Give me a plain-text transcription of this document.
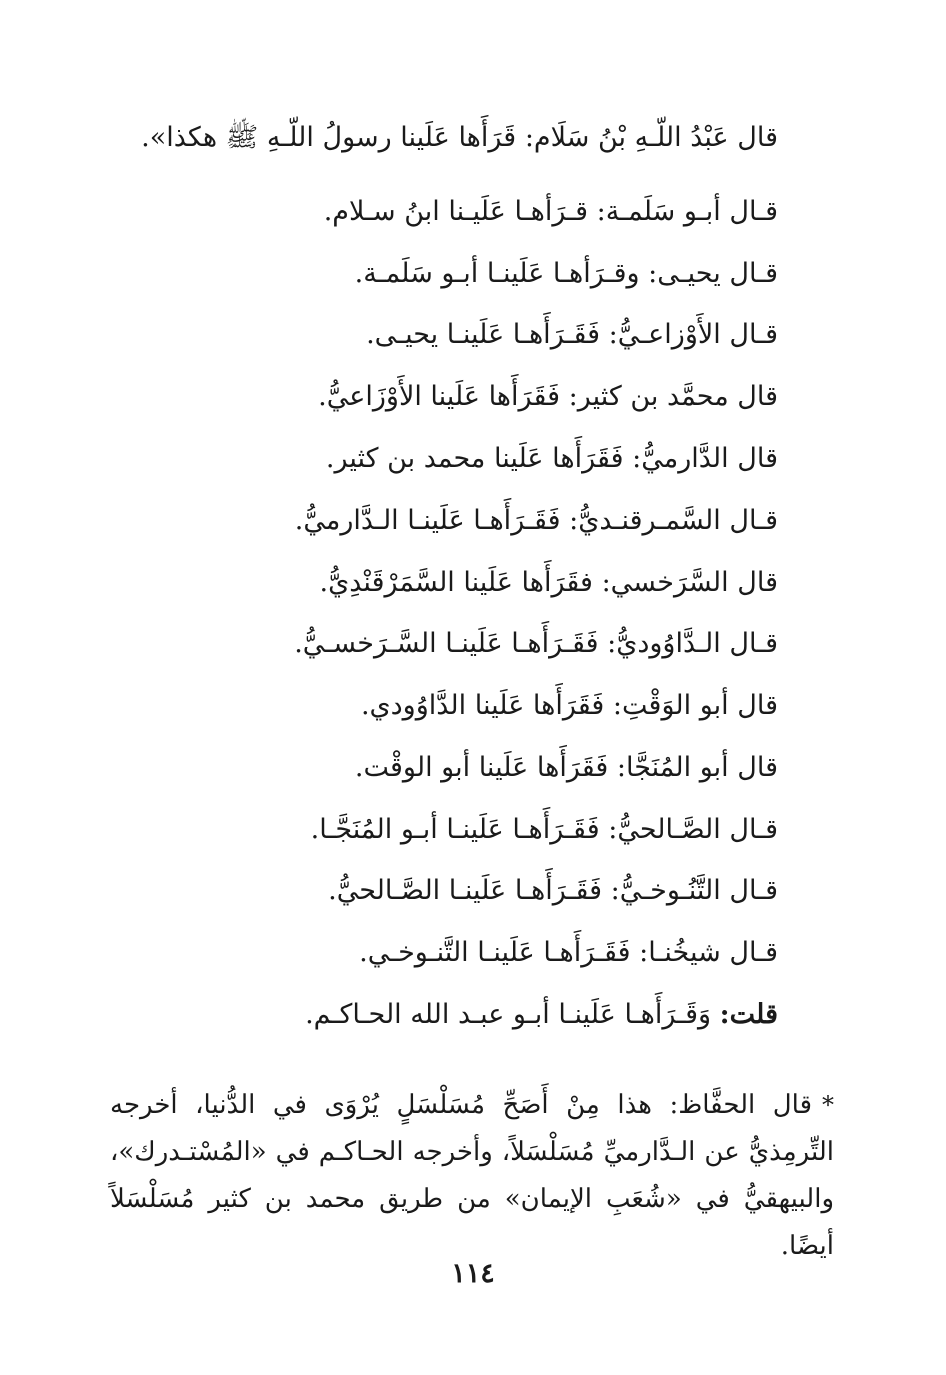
قال عَبْدُ اللّـهِ بْنُ سَلَام: قَرَأَها عَلَينا رسولُ اللّـهِ ﷺ هكذا».
قـال أبـو سَلَمـة: قـرَأهـا عَلَيـنا ابنُ سـلام.
قـال يحيـى: وقـرَأهـا عَلَينـا أبـو سَلَمـة.
قـال الأَوْزاعـيُّ: فَقَـرَأَهـا عَلَينـا يحيـى.
قال محمَّد بن كثير: فَقَرَأَها عَلَينا الأَوْزَاعيُّ.
قال الدَّارميُّ: فَقَرَأَها عَلَينا محمد بن كثير.
قـال السَّمـرقنـديُّ: فَقَـرَأَهـا عَلَينـا الـدَّارميُّ.
قال السَّرَخسي: فقَرَأَها عَلَينا السَّمَرْقَنْدِيُّ.
قـال الـدَّاوُوديُّ: فَقَـرَأَهـا عَلَينـا السَّـرَخسـيُّ.
قال أبو الوَقْتِ: فَقَرَأَها عَلَينا الدَّاوُودي.
قال أبو المُنَجَّا: فَقَرَأَها عَلَينا أبو الوقْت.
قـال الصَّـالحيُّ: فَقَـرَأَهـا عَلَينـا أبـو المُنَجَّـا.
قـال التَّنُـوخـيُّ: فَقَـرَأَهـا عَلَينـا الصَّـالحيُّ.
قـال شيخُنـا: فَقَـرَأَهـا عَلَينـا التَّنـوخـي.
قلت: وَقَـرَأَهـا عَلَينـا أبـو عبـد الله الحـاكـم.
*قال الحفَّاظ: هذا مِنْ أَصَحِّ مُسَلْسَلٍ يُرْوَى في الدُّنيا، أخرجه التِّرمِذيُّ عن الـدَّارميِّ مُسَلْسَلاً، وأخرجه الحـاكـم في «المُسْتـدرك»، والبيهقيُّ في «شُعَبِ الإيمان» من طريق محمد بن كثير مُسَلْسَلاً أيضًا.
١١٤
